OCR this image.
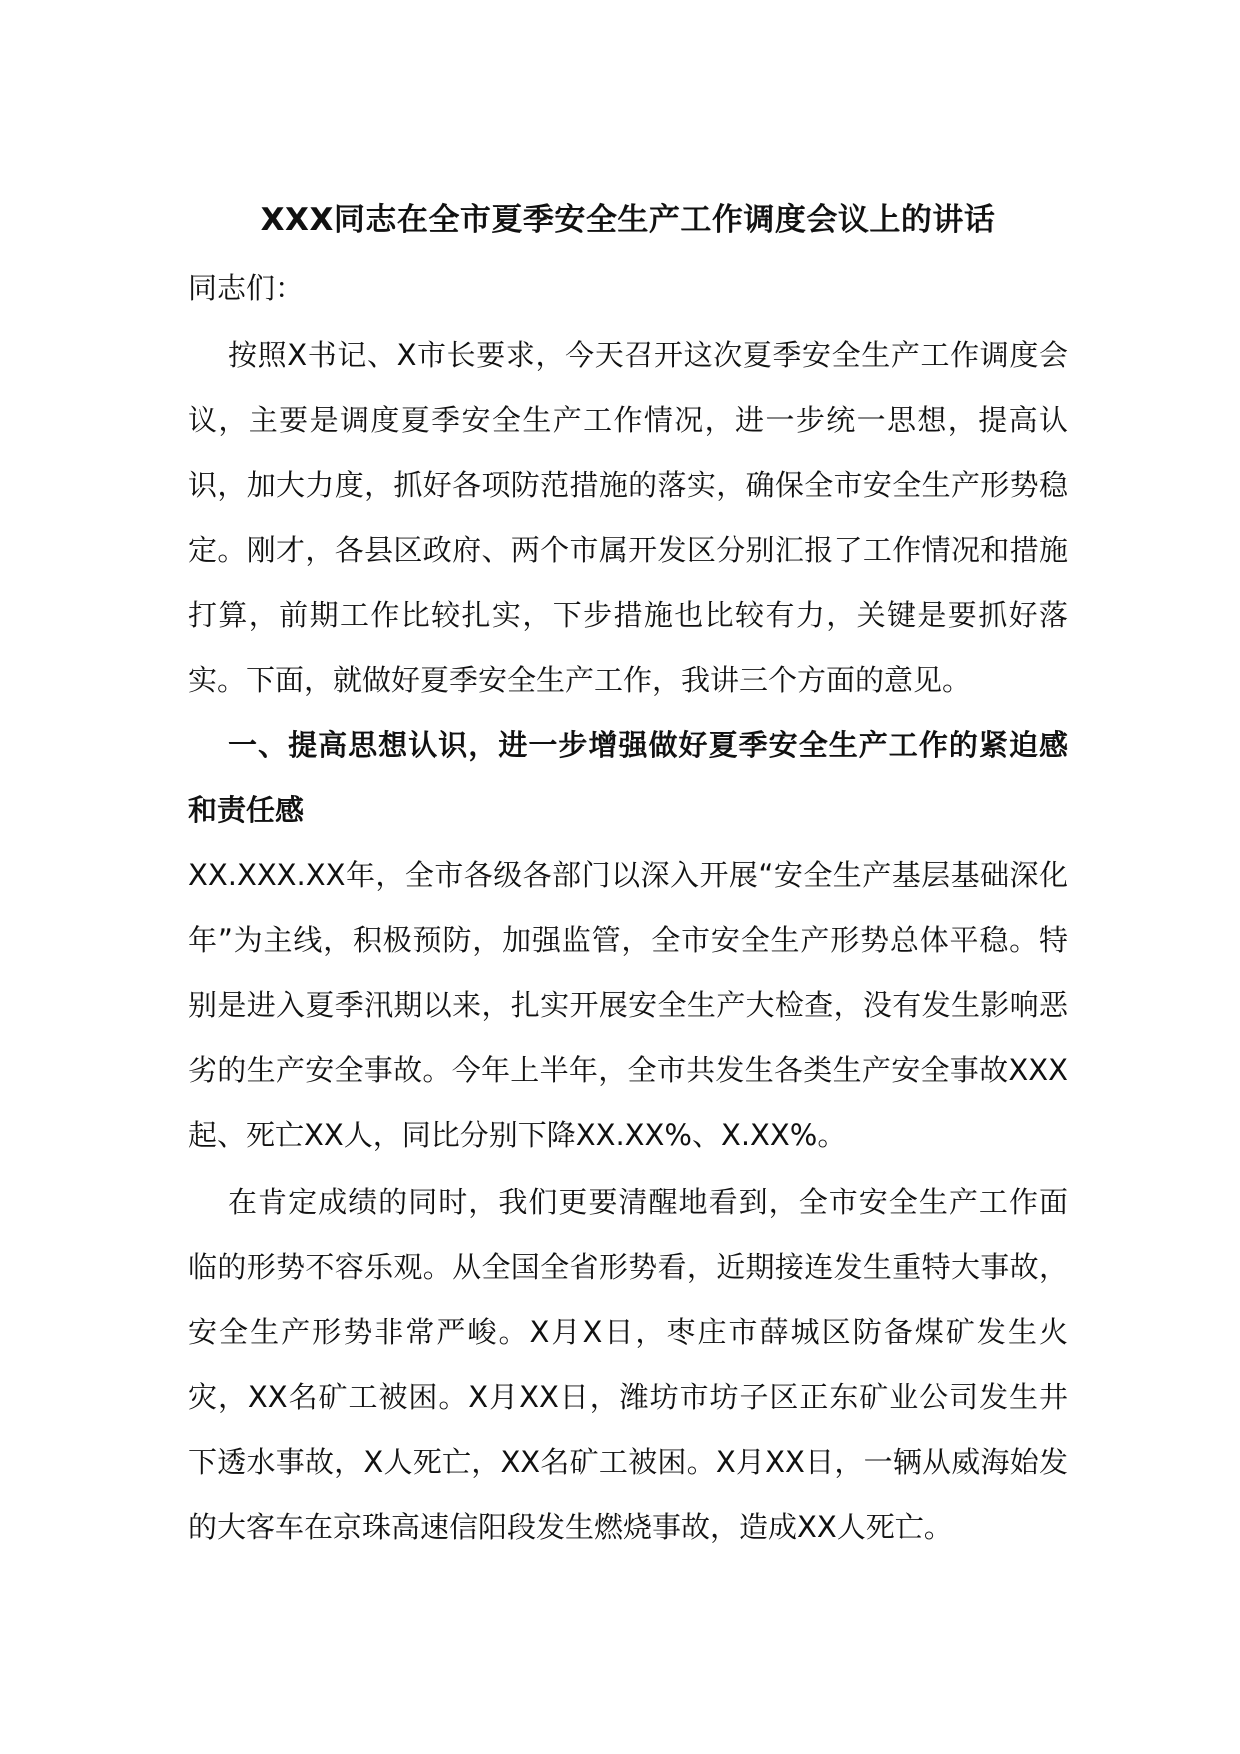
XXX同志在全市夏季安全生产工作调度会议上的讲话

同志们：

按照X书记、X市长要求，今天召开这次夏季安全生产工作调度会议，主要是调度夏季安全生产工作情况，进一步统一思想，提高认识，加大力度，抓好各项防范措施的落实，确保全市安全生产形势稳定。刚才，各县区政府、两个市属开发区分别汇报了工作情况和措施打算，前期工作比较扎实，下步措施也比较有力，关键是要抓好落实。下面，就做好夏季安全生产工作，我讲三个方面的意见。

一、提高思想认识，进一步增强做好夏季安全生产工作的紧迫感和责任感

XX.XXX.XX年，全市各级各部门以深入开展“安全生产基层基础深化年”为主线，积极预防，加强监管，全市安全生产形势总体平稳。特别是进入夏季汛期以来，扎实开展安全生产大检查，没有发生影响恶劣的生产安全事故。今年上半年，全市共发生各类生产安全事故XXX起、死亡XX人，同比分别下降XX.XX%、X.XX%。

在肯定成绩的同时，我们更要清醒地看到，全市安全生产工作面临的形势不容乐观。从全国全省形势看，近期接连发生重特大事故，安全生产形势非常严峻。X月X日，枣庄市薛城区防备煤矿发生火灾，XX名矿工被困。X月XX日，潍坊市坊子区正东矿业公司发生井下透水事故，X人死亡，XX名矿工被困。X月XX日，一辆从威海始发的大客车在京珠高速信阳段发生燃烧事故，造成XX人死亡。
